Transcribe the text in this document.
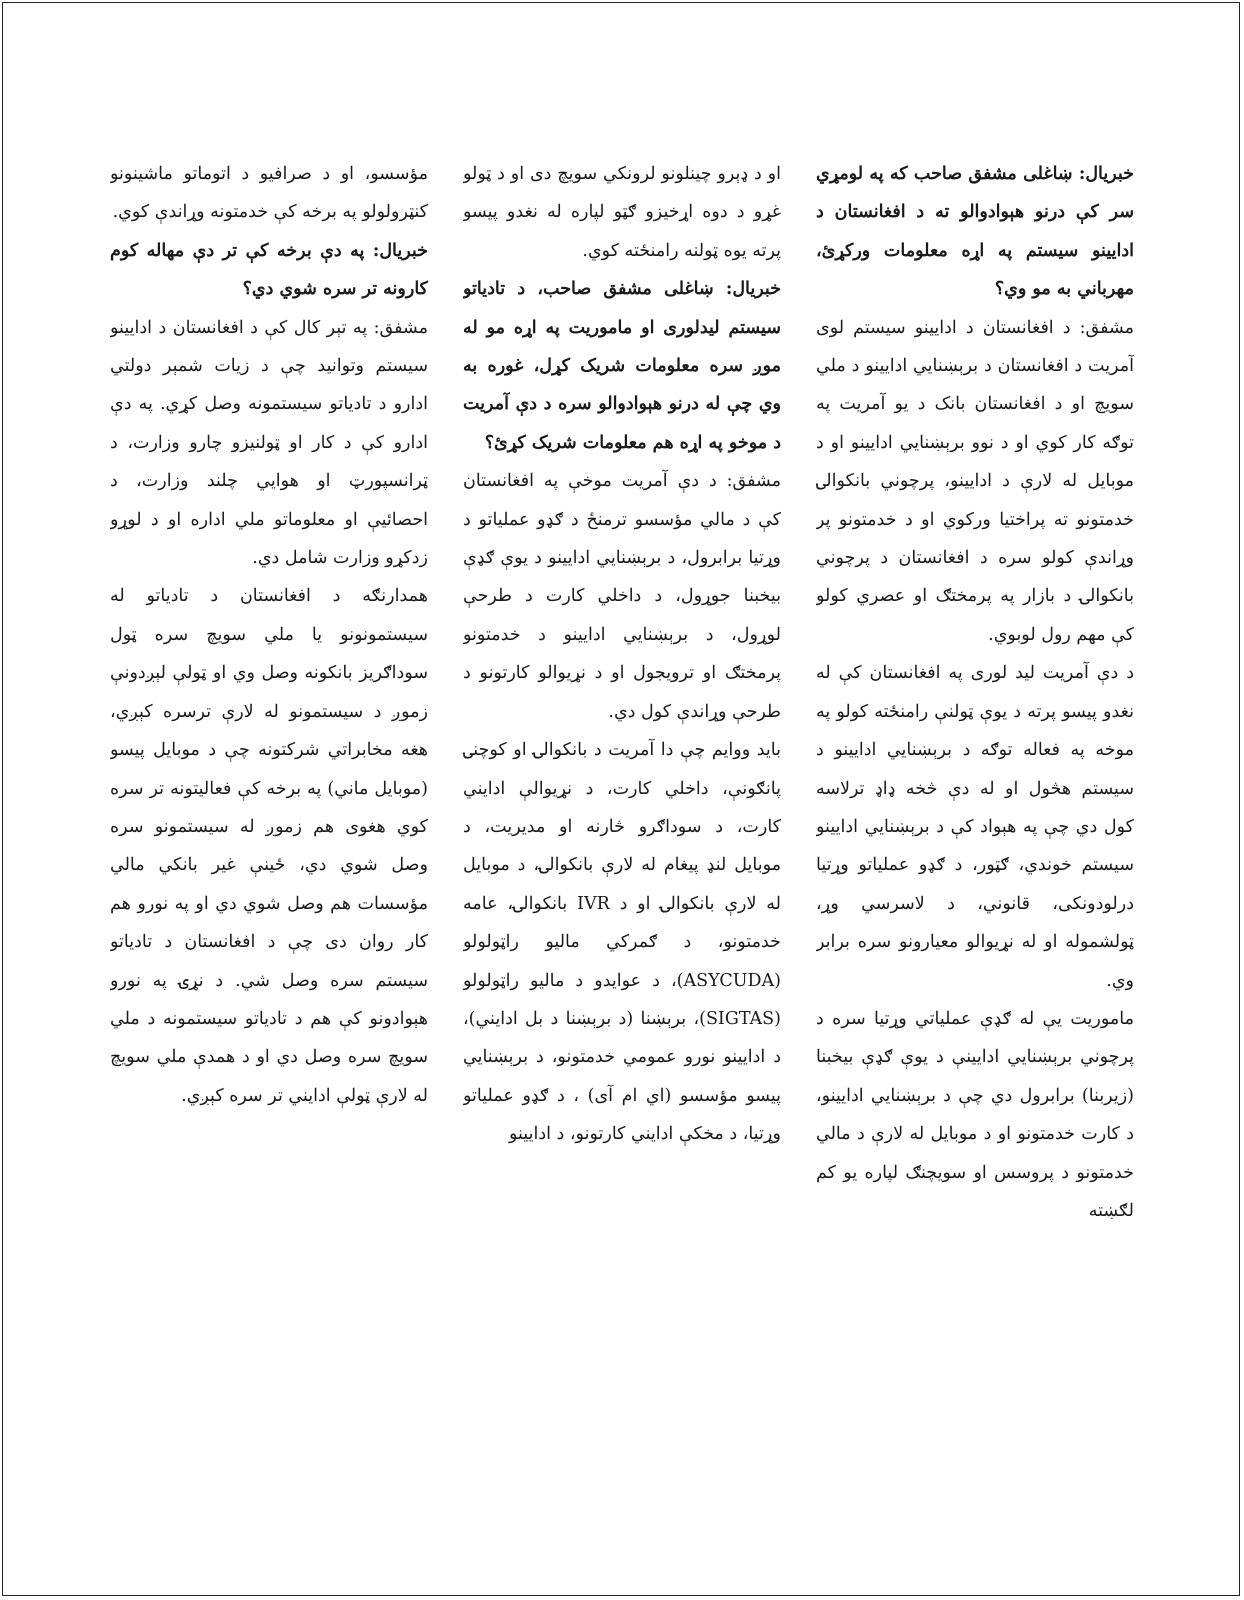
خبریال: ښاغلی مشفق صاحب که په لومړي سر کې درنو هېوادوالو ته د افغانستان د ادایینو سیستم په اړه معلومات ورکړئ، مهرباني به مو وي؟

مشفق: د افغانستان د ادایینو سیستم لوی آمریت د افغانستان د برېښنایي ادایینو د ملي سویچ او د افغانستان بانک د یو آمریت په توګه کار کوي او د نوو برېښنایي ادایینو او د موبایل له لارې د ادایینو، پرچوني بانکوالۍ خدمتونو ته پراختیا ورکوي او د خدمتونو پر وړاندې کولو سره د افغانستان د پرچوني بانکوالۍ د بازار په پرمختګ او عصري کولو کې مهم رول لوبوي.

د دې آمریت لید لوری په افغانستان کې له نغدو پیسو پرته د یوې ټولنې رامنځته کولو په موخه په فعاله توګه د برېښنایي ادایینو د سیستم هڅول او له دې څخه ډاډ ترلاسه کول دي چې په هېواد کې د برېښنایي ادایینو سیستم خوندي، ګټور، د ګډو عملیاتو وړتیا درلودونکی، قانوني، د لاسرسي وړ، ټولشموله او له نړیوالو معیارونو سره برابر وي.

ماموریت یې له ګډې عملیاتي وړتیا سره د پرچوني برېښنایي ادایینې د یوې ګډې بیخبنا (زیربنا) برابرول دي چې د برېښنایي ادایینو، د کارت خدمتونو او د موبایل له لارې د مالي خدمتونو د پروسس او سویچنګ لپاره یو کم لګښته

او د ډېرو چینلونو لرونکي سویچ دی او د ټولو غړو د دوه اړخیزو ګټو لپاره له نغدو پیسو پرته یوه ټولنه رامنځته کوي.

خبریال: ښاغلی مشفق صاحب، د تادیاتو سیستم لیدلوری او ماموریت په اړه مو له موږ سره معلومات شریک کړل، غوره به وي چې له درنو هېوادوالو سره د دې آمریت د موخو په اړه هم معلومات شریک کړئ؟

مشفق: د دې آمریت موخې په افغانستان کې د مالي مؤسسو ترمنځ د ګډو عملیاتو د وړتیا برابرول، د برېښنایي ادایینو د یوې ګډې بیخبنا جوړول، د داخلي کارت د طرحې لوړول، د برېښنایي ادایینو د خدمتونو پرمختګ او ترویجول او د نړیوالو کارتونو د طرحې وړاندې کول دي.

باید ووایم چې دا آمریت د بانکوالۍ او کوچنۍ پانګونې، داخلي کارت، د نړیوالې ادایني کارت، د سوداګرو څارنه او مدیریت، د موبایل لنډ پیغام له لارې بانکوالۍ، د موبایل له لارې بانکوالۍ او د IVR بانکوالۍ، عامه خدمتونو، د ګمرکي مالیو راټولولو (ASYCUDA)، د عوایدو د مالیو راټولولو (SIGTAS)، برېښنا (د برېښنا د بل ادایني)، د ادایینو نورو عمومي خدمتونو، د برېښنایي پیسو مؤسسو (اي ام آی) ، د ګډو عملیاتو وړتیا، د مخکې ادایني کارتونو، د ادایینو

مؤسسو، او د صرافیو د اتوماتو ماشینونو کنټرولولو په برخه کې خدمتونه وړاندې کوي.

خبریال: په دې برخه کې تر دې مهاله کوم کارونه تر سره شوي دي؟

مشفق: په تېر کال کې د افغانستان د ادایینو سیستم وتوانید چې د زیات شمېر دولتي ادارو د تادیاتو سیستمونه وصل کړي. په دې ادارو کې د کار او ټولنیزو چارو وزارت، د ټرانسپورټ او هوایي چلند وزارت، د احصائیې او معلوماتو ملي اداره او د لوړو زدکړو وزارت شامل دي.

همدارنګه د افغانستان د تادیاتو له سیستمونونو یا ملي سویچ سره ټول سوداګریز بانکونه وصل وي او ټولې لېږدونې زموږ د سیستمونو له لارې ترسره کېږي، هغه مخابراتي شرکتونه چې د موبایل پیسو (موبایل ماني) په برخه کې فعالیتونه تر سره کوي هغوی هم زموږ له سیستمونو سره وصل شوي دي، ځینې غیر بانکي مالي مؤسسات هم وصل شوي دي او په نورو هم کار روان دی چې د افغانستان د تادیاتو سیستم سره وصل شي. د نړۍ په نورو هېوادونو کې هم د تادیاتو سیستمونه د ملي سویچ سره وصل دي او د همدې ملي سویچ له لارې ټولې ادایني تر سره کېږي.
